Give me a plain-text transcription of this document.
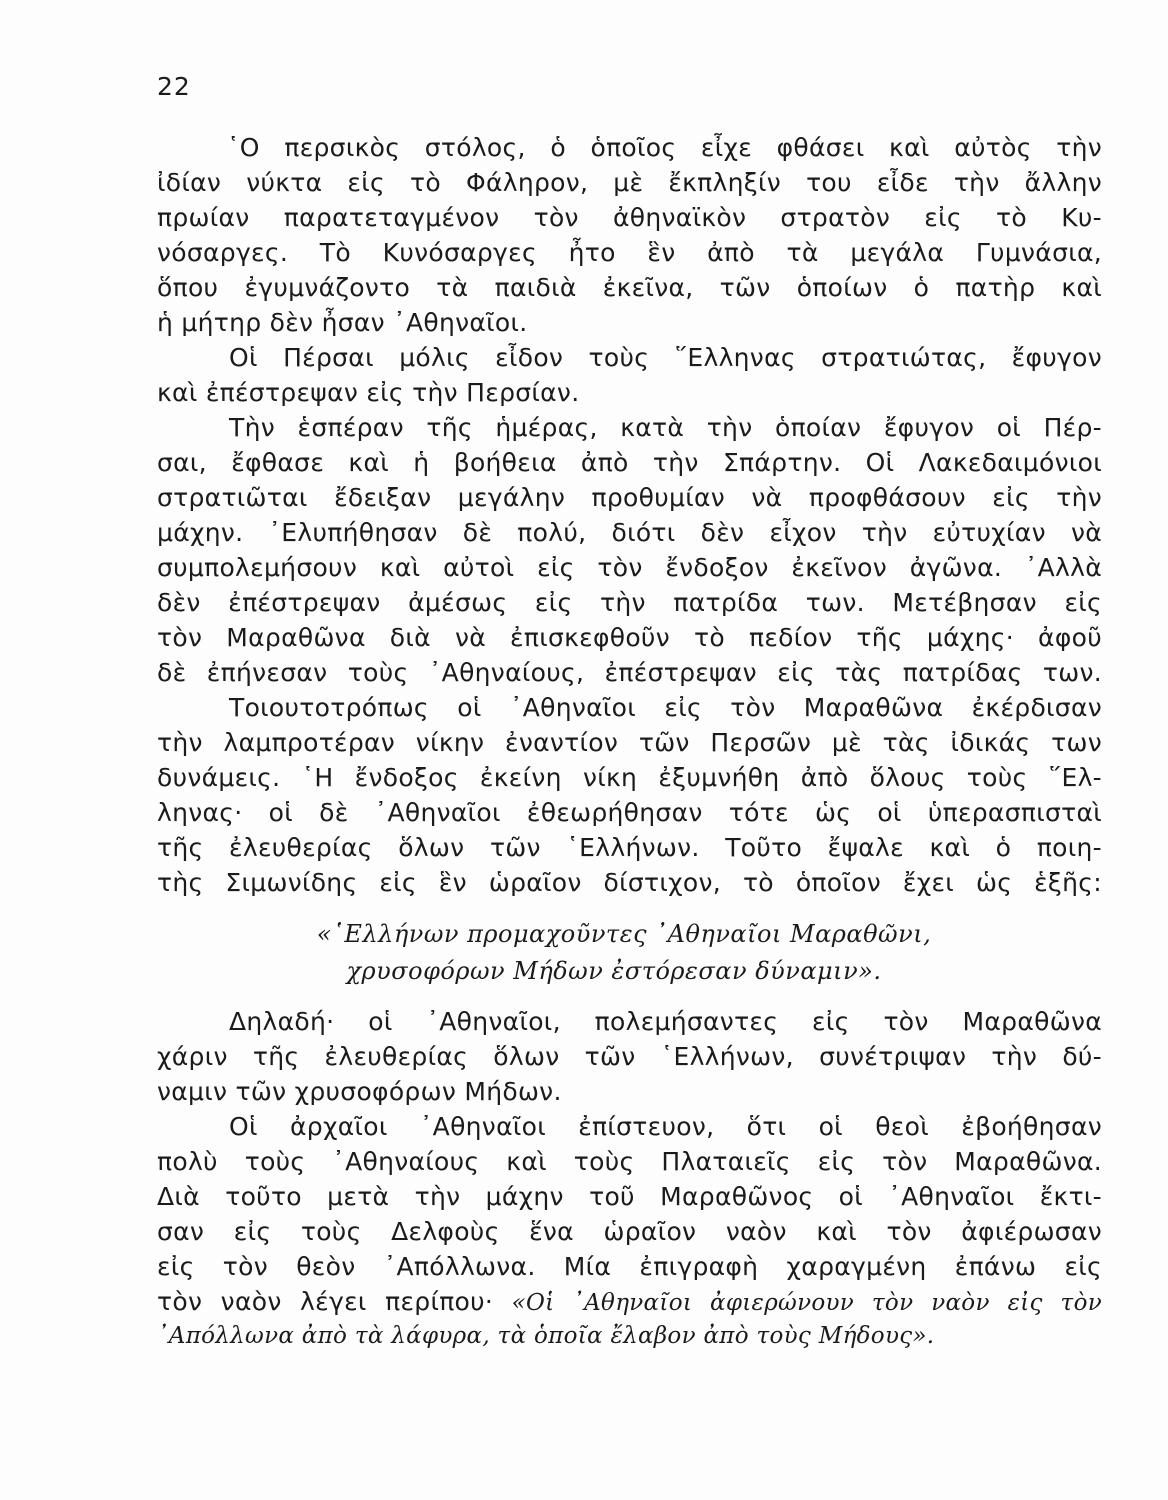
22
῾Ο περσικὸς στόλος, ὁ ὁποῖος εἶχε φθάσει καὶ αὐτὸς τὴν
ἰδίαν νύκτα εἰς τὸ Φάληρον, μὲ ἔκπληξίν του εἶδε τὴν ἄλλην
πρωίαν παρατεταγμένον τὸν ἀθηναϊκὸν στρατὸν εἰς τὸ Κυ-
νόσαργες. Τὸ Κυνόσαργες ἦτο ἓν ἀπὸ τὰ μεγάλα Γυμνάσια,
ὅπου ἐγυμνάζοντο τὰ παιδιὰ ἐκεῖνα, τῶν ὁποίων ὁ πατὴρ καὶ
ἡ μήτηρ δὲν ἦσαν ᾿Αθηναῖοι.
Οἱ Πέρσαι μόλις εἶδον τοὺς ῞Ελληνας στρατιώτας, ἔφυγον
καὶ ἐπέστρεψαν εἰς τὴν Περσίαν.
Τὴν ἑσπέραν τῆς ἡμέρας, κατὰ τὴν ὁποίαν ἔφυγον οἱ Πέρ-
σαι, ἔφθασε καὶ ἡ βοήθεια ἀπὸ τὴν Σπάρτην. Οἱ Λακεδαιμόνιοι
στρατιῶται ἔδειξαν μεγάλην προθυμίαν νὰ προφθάσουν εἰς τὴν
μάχην. ᾿Ελυπήθησαν δὲ πολύ, διότι δὲν εἶχον τὴν εὐτυχίαν νὰ
συμπολεμήσουν καὶ αὐτοὶ εἰς τὸν ἔνδοξον ἐκεῖνον ἀγῶνα. ᾿Αλλὰ
δὲν ἐπέστρεψαν ἀμέσως εἰς τὴν πατρίδα των. Μετέβησαν εἰς
τὸν Μαραθῶνα διὰ νὰ ἐπισκεφθοῦν τὸ πεδίον τῆς μάχης· ἀφοῦ
δὲ ἐπήνεσαν τοὺς ᾿Αθηναίους, ἐπέστρεψαν εἰς τὰς πατρίδας των.
Τοιουτοτρόπως οἱ ᾿Αθηναῖοι εἰς τὸν Μαραθῶνα ἐκέρδισαν
τὴν λαμπροτέραν νίκην ἐναντίον τῶν Περσῶν μὲ τὰς ἰδικάς των
δυνάμεις. ῾Η ἔνδοξος ἐκείνη νίκη ἐξυμνήθη ἀπὸ ὅλους τοὺς ῞Ελ-
ληνας· οἱ δὲ ᾿Αθηναῖοι ἐθεωρήθησαν τότε ὡς οἱ ὑπερασπισταὶ
τῆς ἐλευθερίας ὅλων τῶν ῾Ελλήνων. Τοῦτο ἔψαλε καὶ ὁ ποιη-
τὴς Σιμωνίδης εἰς ἓν ὡραῖον δίστιχον, τὸ ὁποῖον ἔχει ὡς ἑξῆς:
«῾Ελλήνων προμαχοῦντες ᾿Αθηναῖοι Μαραθῶνι,
χρυσοφόρων Μήδων ἐστόρεσαν δύναμιν».
Δηλαδή· οἱ ᾿Αθηναῖοι, πολεμήσαντες εἰς τὸν Μαραθῶνα
χάριν τῆς ἐλευθερίας ὅλων τῶν ῾Ελλήνων, συνέτριψαν τὴν δύ-
ναμιν τῶν χρυσοφόρων Μήδων.
Οἱ ἀρχαῖοι ᾿Αθηναῖοι ἐπίστευον, ὅτι οἱ θεοὶ ἐβοήθησαν
πολὺ τοὺς ᾿Αθηναίους καὶ τοὺς Πλαταιεῖς εἰς τὸν Μαραθῶνα.
Διὰ τοῦτο μετὰ τὴν μάχην τοῦ Μαραθῶνος οἱ ᾿Αθηναῖοι ἔκτι-
σαν εἰς τοὺς Δελφοὺς ἕνα ὡραῖον ναὸν καὶ τὸν ἀφιέρωσαν
εἰς τὸν θεὸν ᾿Απόλλωνα. Μία ἐπιγραφὴ χαραγμένη ἐπάνω εἰς
τὸν ναὸν λέγει περίπου· «Οἱ ᾿Αθηναῖοι ἀφιερώνουν τὸν ναὸν εἰς τὸν
᾿Απόλλωνα ἀπὸ τὰ λάφυρα, τὰ ὁποῖα ἔλαβον ἀπὸ τοὺς Μήδους».
